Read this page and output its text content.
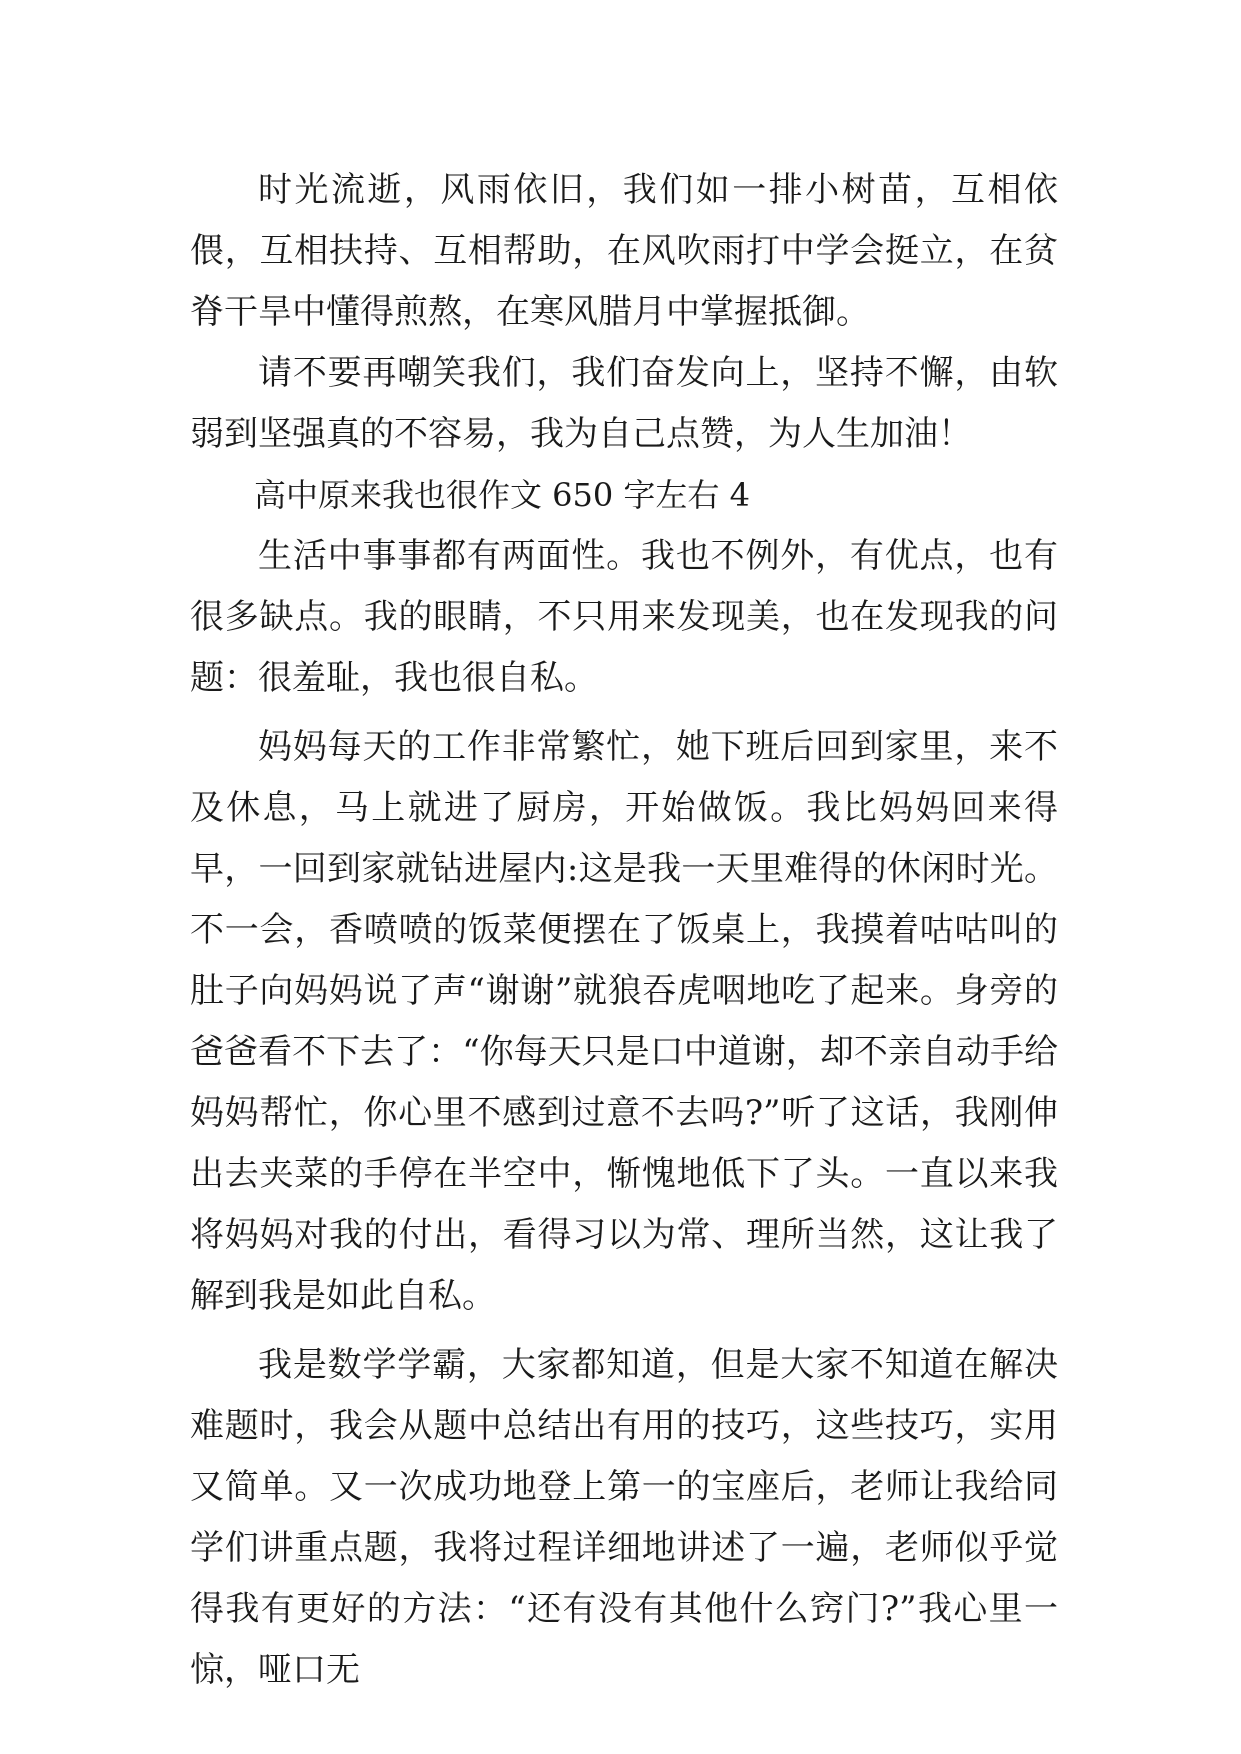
时光流逝，风雨依旧，我们如一排小树苗，互相依偎，互相扶持、互相帮助，在风吹雨打中学会挺立，在贫脊干旱中懂得煎熬，在寒风腊月中掌握抵御。

请不要再嘲笑我们，我们奋发向上，坚持不懈，由软弱到坚强真的不容易，我为自己点赞，为人生加油！

高中原来我也很作文 650 字左右 4

生活中事事都有两面性。我也不例外，有优点，也有很多缺点。我的眼睛，不只用来发现美，也在发现我的问题：很羞耻，我也很自私。

妈妈每天的工作非常繁忙，她下班后回到家里，来不及休息，马上就进了厨房，开始做饭。我比妈妈回来得早，一回到家就钻进屋内:这是我一天里难得的休闲时光。不一会，香喷喷的饭菜便摆在了饭桌上，我摸着咕咕叫的肚子向妈妈说了声“谢谢”就狼吞虎咽地吃了起来。身旁的爸爸看不下去了：“你每天只是口中道谢，却不亲自动手给妈妈帮忙，你心里不感到过意不去吗?”听了这话，我刚伸出去夹菜的手停在半空中，惭愧地低下了头。一直以来我将妈妈对我的付出，看得习以为常、理所当然，这让我了解到我是如此自私。

我是数学学霸，大家都知道，但是大家不知道在解决难题时，我会从题中总结出有用的技巧，这些技巧，实用又简单。又一次成功地登上第一的宝座后，老师让我给同学们讲重点题，我将过程详细地讲述了一遍，老师似乎觉得我有更好的方法：“还有没有其他什么窍门?”我心里一惊，哑口无
